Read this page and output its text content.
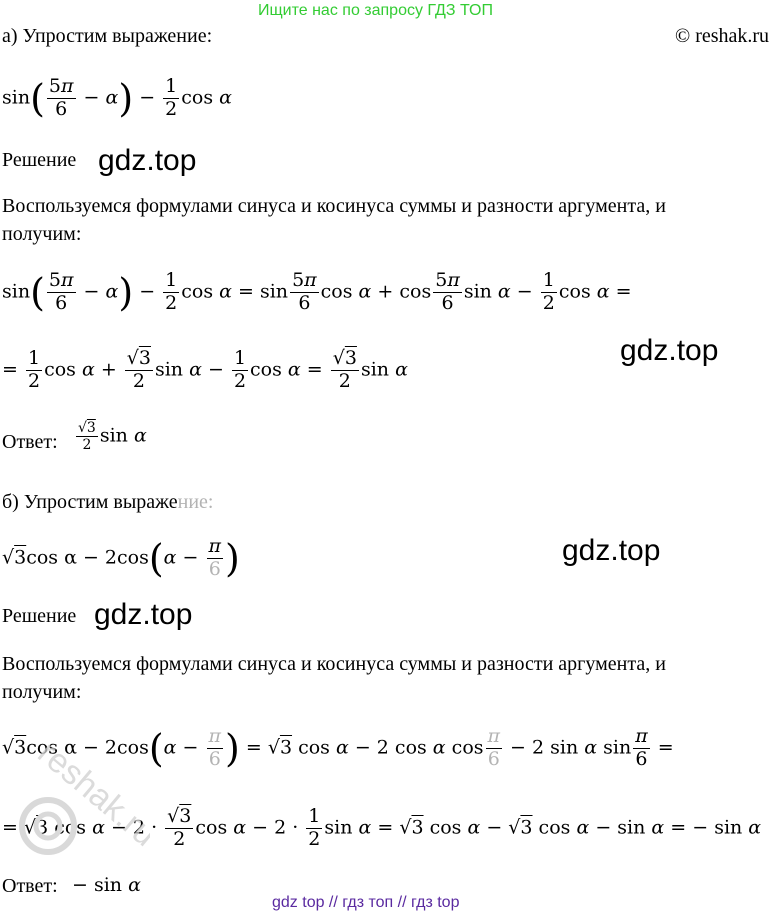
Ищите нас по запросу ГДЗ ТОП
© reshak.ru
а) Упростим выражение:
$\sin( \frac{5\pi}{6} - \alpha) - \frac{1}{2}$ cos α
Решение gdz.top
Воспользуемся формулами синуса и косинуса суммы и разности аргумента, и
получим:
$\sin( \frac{5\pi}{6} - \alpha) - \frac{1}{2}$ $\cos \alpha = \sin \frac{5\pi}{6}$ $\cos \alpha + \cos \frac{5\pi}{6}$ $\sin \alpha - \frac{1}{2}$ cos α =
gdz.top
= $\frac{1}{2}$ $\cos \alpha + \frac{√3}{2}$ $\sin \alpha - \frac{1}{2}$ $\cos \alpha = \frac{√3}{2}$ sin α
Ответ: $\frac{√3}{2}$ sin α
б) Упростим выражение:
√3cos $\alpha - 2\cos(\alpha - \frac{\pi}{6}$ )	gdz.top
Решение gdz.top
Воспользуемся формулами синуса и косинуса суммы и разности аргумента, и
получим:
√3cos $\alpha - 2\cos(\alpha - \frac{\pi}{6}$ ) = √3 cos α − 2 cos α $\cos \frac{\pi}{6} - 2$ sin α $\sin \frac{\pi}{6}$ =
= √3 $\cos \alpha - 2 \cdot \frac{√3}{2}$ $\cos \alpha - 2 \cdot \frac{1}{2}$ sin α = √3 cos α − √3 cos α − sin α = − sin α
reshak.ru
Ответ: − sin α
gdz top // гдз топ // гдз top
